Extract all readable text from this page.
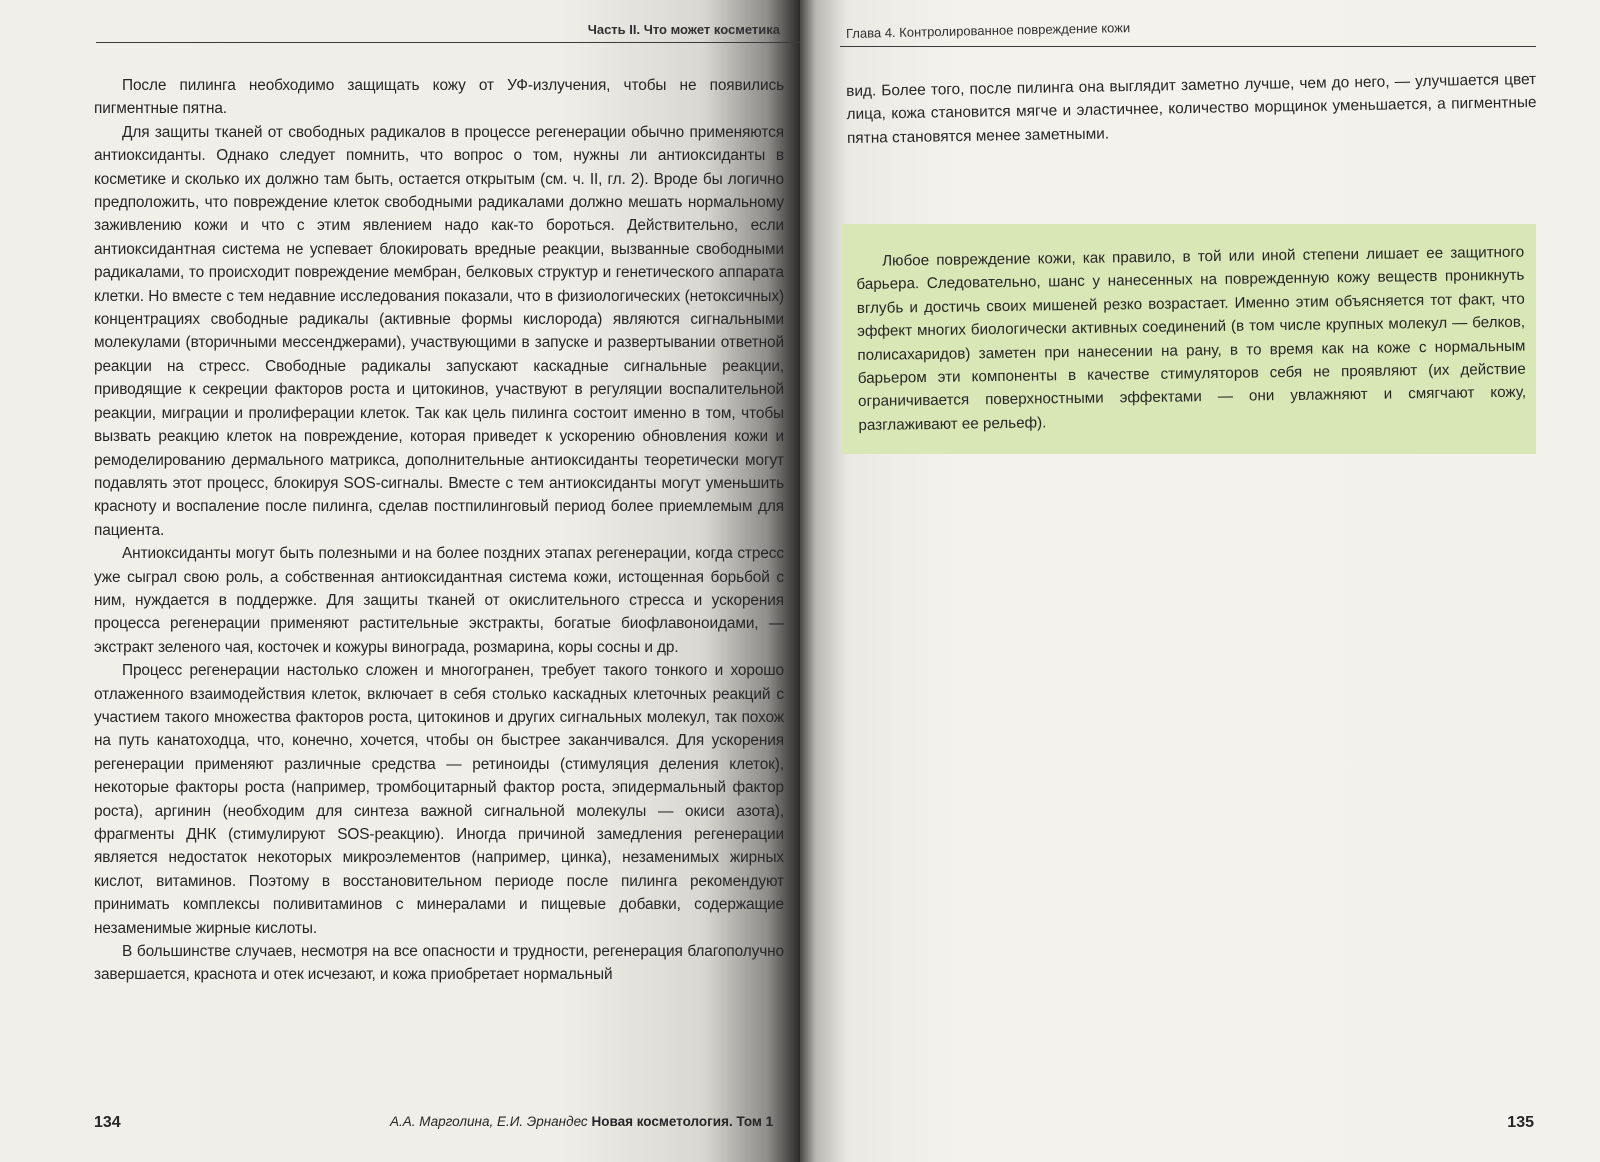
Часть II. Что может косметика

После пилинга необходимо защищать кожу от УФ-излучения, чтобы не появились пигментные пятна.

Для защиты тканей от свободных радикалов в процессе регенерации обычно применяются антиоксиданты. Однако следует помнить, что вопрос о том, нужны ли антиоксиданты в косметике и сколько их должно там быть, остается открытым (см. ч. II, гл. 2). Вроде бы логично предположить, что повреждение клеток свободными радикалами должно мешать нормальному заживлению кожи и что с этим явлением надо как-то бороться. Действительно, если антиоксидантная система не успевает блокировать вредные реакции, вызванные свободными радикалами, то происходит повреждение мембран, белковых структур и генетического аппарата клетки. Но вместе с тем недавние исследования показали, что в физиологических (нетоксичных) концентрациях свободные радикалы (активные формы кислорода) являются сигнальными молекулами (вторичными мессенджерами), участвующими в запуске и развертывании ответной реакции на стресс. Свободные радикалы запускают каскадные сигнальные реакции, приводящие к секреции факторов роста и цитокинов, участвуют в регуляции воспалительной реакции, миграции и пролиферации клеток. Так как цель пилинга состоит именно в том, чтобы вызвать реакцию клеток на повреждение, которая приведет к ускорению обновления кожи и ремоделированию дермального матрикса, дополнительные антиоксиданты теоретически могут подавлять этот процесс, блокируя SOS-сигналы. Вместе с тем антиоксиданты могут уменьшить красноту и воспаление после пилинга, сделав постпилинговый период более приемлемым для пациента.

Антиоксиданты могут быть полезными и на более поздних этапах регенерации, когда стресс уже сыграл свою роль, а собственная антиоксидантная система кожи, истощенная борьбой с ним, нуждается в поддержке. Для защиты тканей от окислительного стресса и ускорения процесса регенерации применяют растительные экстракты, богатые биофлавоноидами, — экстракт зеленого чая, косточек и кожуры винограда, розмарина, коры сосны и др.

Процесс регенерации настолько сложен и многогранен, требует такого тонкого и хорошо отлаженного взаимодействия клеток, включает в себя столько каскадных клеточных реакций с участием такого множества факторов роста, цитокинов и других сигнальных молекул, так похож на путь канатоходца, что, конечно, хочется, чтобы он быстрее заканчивался. Для ускорения регенерации применяют различные средства — ретиноиды (стимуляция деления клеток), некоторые факторы роста (например, тромбоцитарный фактор роста, эпидермальный фактор роста), аргинин (необходим для синтеза важной сигнальной молекулы — окиси азота), фрагменты ДНК (стимулируют SOS-реакцию). Иногда причиной замедления регенерации является недостаток некоторых микроэлементов (например, цинка), незаменимых жирных кислот, витаминов. Поэтому в восстановительном периоде после пилинга рекомендуют принимать комплексы поливитаминов с минералами и пищевые добавки, содержащие незаменимые жирные кислоты.

В большинстве случаев, несмотря на все опасности и трудности, регенерация благополучно завершается, краснота и отек исчезают, и кожа приобретает нормальный

134	А.А. Марголина, Е.И. Эрнандес Новая косметология. Том 1
Глава 4. Контролированное повреждение кожи

вид. Более того, после пилинга она выглядит заметно лучше, чем до него, — улучшается цвет лица, кожа становится мягче и эластичнее, количество морщинок уменьшается, а пигментные пятна становятся менее заметными.

Любое повреждение кожи, как правило, в той или иной степени лишает ее защитного барьера. Следовательно, шанс у нанесенных на поврежденную кожу веществ проникнуть вглубь и достичь своих мишеней резко возрастает. Именно этим объясняется тот факт, что эффект многих биологически активных соединений (в том числе крупных молекул — белков, полисахаридов) заметен при нанесении на рану, в то время как на коже с нормальным барьером эти компоненты в качестве стимуляторов себя не проявляют (их действие ограничивается поверхностными эффектами — они увлажняют и смягчают кожу, разглаживают ее рельеф).

135
